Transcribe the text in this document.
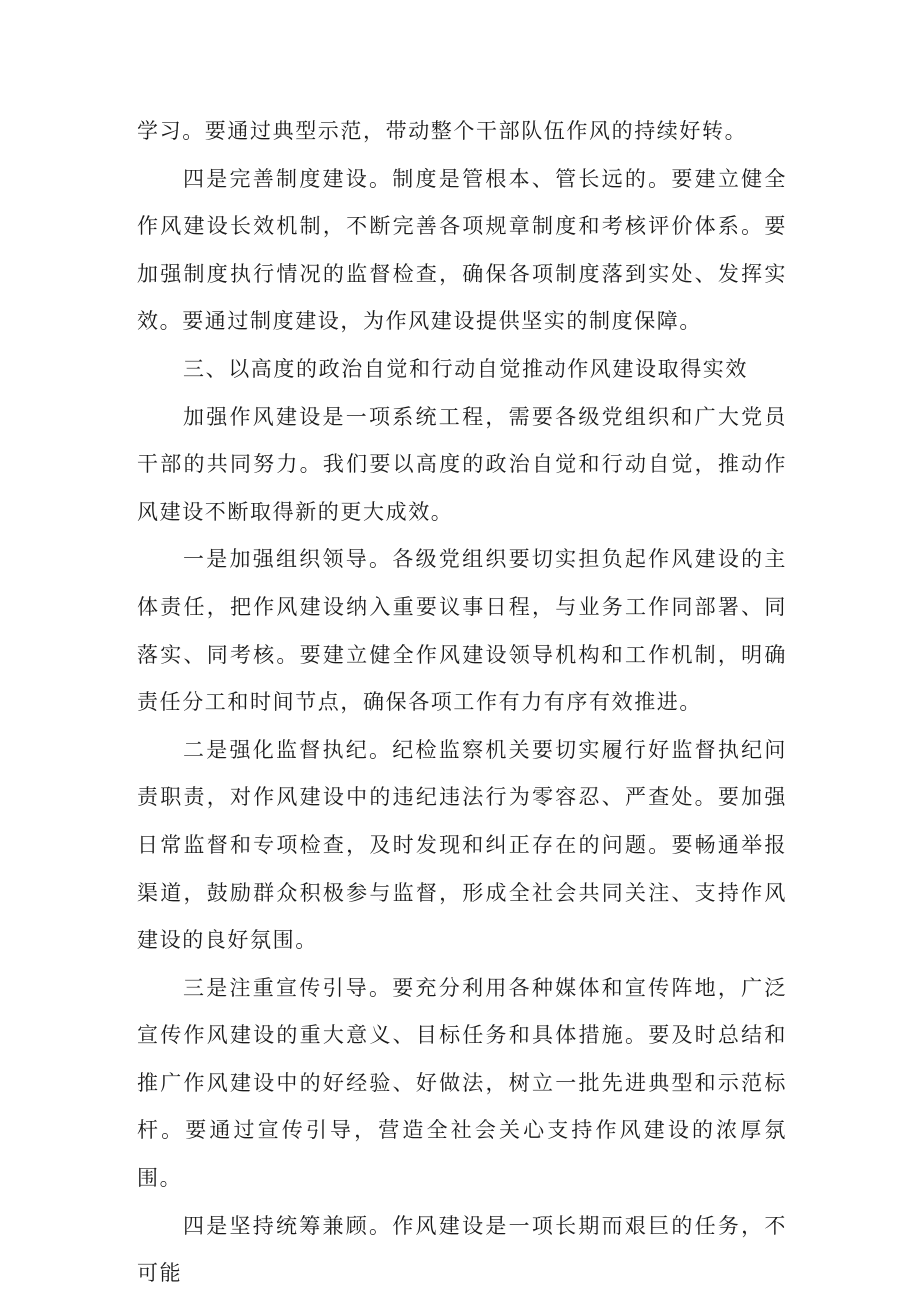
学习。要通过典型示范，带动整个干部队伍作风的持续好转。

四是完善制度建设。制度是管根本、管长远的。要建立健全作风建设长效机制，不断完善各项规章制度和考核评价体系。要加强制度执行情况的监督检查，确保各项制度落到实处、发挥实效。要通过制度建设，为作风建设提供坚实的制度保障。

三、以高度的政治自觉和行动自觉推动作风建设取得实效

加强作风建设是一项系统工程，需要各级党组织和广大党员干部的共同努力。我们要以高度的政治自觉和行动自觉，推动作风建设不断取得新的更大成效。

一是加强组织领导。各级党组织要切实担负起作风建设的主体责任，把作风建设纳入重要议事日程，与业务工作同部署、同落实、同考核。要建立健全作风建设领导机构和工作机制，明确责任分工和时间节点，确保各项工作有力有序有效推进。

二是强化监督执纪。纪检监察机关要切实履行好监督执纪问责职责，对作风建设中的违纪违法行为零容忍、严查处。要加强日常监督和专项检查，及时发现和纠正存在的问题。要畅通举报渠道，鼓励群众积极参与监督，形成全社会共同关注、支持作风建设的良好氛围。

三是注重宣传引导。要充分利用各种媒体和宣传阵地，广泛宣传作风建设的重大意义、目标任务和具体措施。要及时总结和推广作风建设中的好经验、好做法，树立一批先进典型和示范标杆。要通过宣传引导，营造全社会关心支持作风建设的浓厚氛围。

四是坚持统筹兼顾。作风建设是一项长期而艰巨的任务，不可能
